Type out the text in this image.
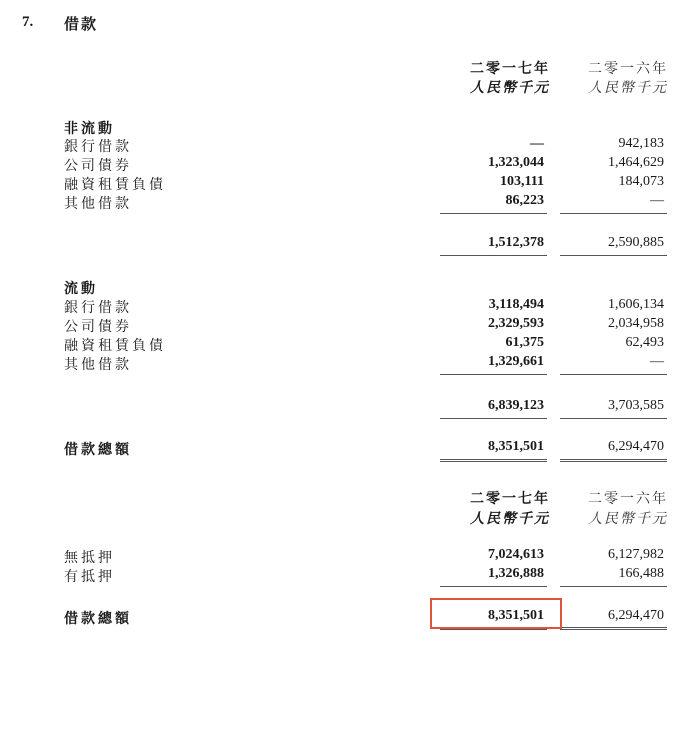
7. 借款
二零一七年	二零一六年
人民幣千元	人民幣千元
非流動
銀行借款	—	942,183
公司債券	1,323,044	1,464,629
融資租賃負債	103,111	184,073
其他借款	86,223	—
1,512,378	2,590,885
流動
銀行借款	3,118,494	1,606,134
公司債券	2,329,593	2,034,958
融資租賃負債	61,375	62,493
其他借款	1,329,661	—
6,839,123	3,703,585
借款總額	8,351,501	6,294,470
二零一七年	二零一六年
人民幣千元	人民幣千元
無抵押	7,024,613	6,127,982
有抵押	1,326,888	166,488
借款總額	8,351,501	6,294,470
